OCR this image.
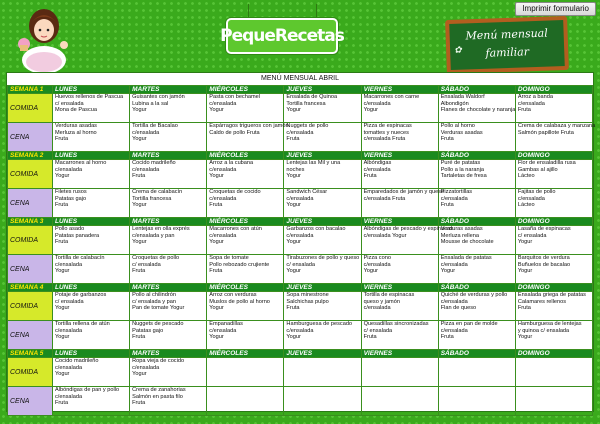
Imprimir formulario
PequeRecetas
✿
Menú mensual
familiar
MENÚ MENSUAL ABRIL
SEMANA 1	LUNES	MARTES	MIÉRCOLES	JUEVES	VIERNES	SÁBADO	DOMINGO
COMIDA	Huevos rellenos de Pascua
c/ ensalada
Mona de Pascua	Guisantes con jamón
Lubina a la sal
Yogur	Pasta con bechamel
c/ensalada
Yogur	Ensalada de Quinoa
Tortilla francesa
Yogur	Macarrones con carne
c/ensalada
Yogur	Ensalada Waldorf
Albondigón
Flanes de chocolate y naranja	Arroz a banda
c/ensalada
Fruta

CENA	Verduras asadas
Merluza al horno
Fruta	Tortilla de Bacalao
c/ensalada
Yogur	Espárragos trigueros con jamón
Caldo de pollo Fruta	Nuggets de pollo
c/ensalada
Fruta	Pizza de espinacas
tomattes y nueces
c/ensalada Fruta	Pollo al horno
Verduras asadas
Fruta	Crema de calabaza y manzana
Salmón papillote Fruta

SEMANA 2	LUNES	MARTES	MIÉRCOLES	JUEVES	VIERNES	SÁBADO	DOMINGO
COMIDA	Macarrones al horno
c/ensalada
Yogur	Cocido madrileño
c/ensalada
Fruta	Arroz a la cubana
c/ensalada
Yogur	Lentejas las Mil y una
noches
Yogur	Albóndigas
c/ensalada
Fruta	Puré de patatas
Pollo a la naranja
Tartaletas de fresa	Flor de ensaladilla rusa
Gambas al ajillo
Lácteo

CENA	Filetes rusos
Patatas gajo
Fruta	Crema de calabacín
Tortilla francesa
Yogur	Croquetas de cocido
c/ensalada
Fruta	Sandwich César
c/ensalada
Yogur	Emparedados de jamón y queso
c/ensalada Fruta	Pizzatortillas
c/ensalada
Fruta	Fajitas de pollo
c/ensalada
Lácteo

SEMANA 3	LUNES	MARTES	MIÉRCOLES	JUEVES	VIERNES	SÁBADO	DOMINGO
COMIDA	Pollo asado
Patatas panadera
Fruta	Lentejas en olla exprés
c/ensalada y pan
Yogur	Macarrones con atún
c/ensalada
Yogur	Garbanzos con bacalao
c/ensalada
Yogur	Albóndigas de pescado y espinacas
c/ensalada Yogur	Verduras asadas
Merluza rellena
Mousse de chocolate	Lasaña de espinacas
c/ ensalada
Yogur

CENA	Tortilla de calabacín
c/ensalada
Yogur	Croquetas de pollo
c/ ensalada
Fruta	Sopa de tomate
Pollo rebozado crujiente
Fruta	Tirabuzones de pollo y queso
c/ ensalada
Yogur	Pizza cono
c/ensalada
Yogur	Ensalada de patatas
c/ensalada
Yogur	Barquitos de verdura
Buñuelos de bacalao
Yogur

SEMANA 4	LUNES	MARTES	MIÉRCOLES	JUEVES	VIERNES	SÁBADO	DOMINGO
COMIDA	Potaje de garbanzos
c/ ensalada
Yogur	Pollo al chilindrón
c/ ensalada y pan
Pan de tomate Yogur	Arroz con verduras
Muslos de pollo al horno
Yogur	Sopa minestrone
Salchichas pulpo
Fruta	Tortilla de espinacas
queso y jamón
c/ensalada	Quiché de verduras y pollo
c/ensalada
Flan de queso	Ensalada griega de patatas
Calamares rellenos
Fruta

CENA	Tortilla rellena de atún
c/ensalada
Yogur	Nuggets de pescado
Patatas gajo
Fruta	Empanadillas
c/ensalada
Yogur	Hamburguesa de pescado
c/ensalada
Yogur	Quesadillas sincronizadas
c/ ensalada
Fruta	Pizza en pan de molde
c/ensalada
Fruta	Hamburguesa de lentejas
y quinoa c/ ensalada
Yogur

SEMANA 5	LUNES	MARTES	MIÉRCOLES	JUEVES	VIERNES	SÁBADO	DOMINGO
COMIDA	Cocido madrileño
c/ensalada
Yogur	Ropa vieja de cocido
c/ensalada
Yogur					

CENA	Albóndigas de pan y pollo
c/ensalada
Fruta	Crema de zanahorias
Salmón en pasta filo
Fruta					
